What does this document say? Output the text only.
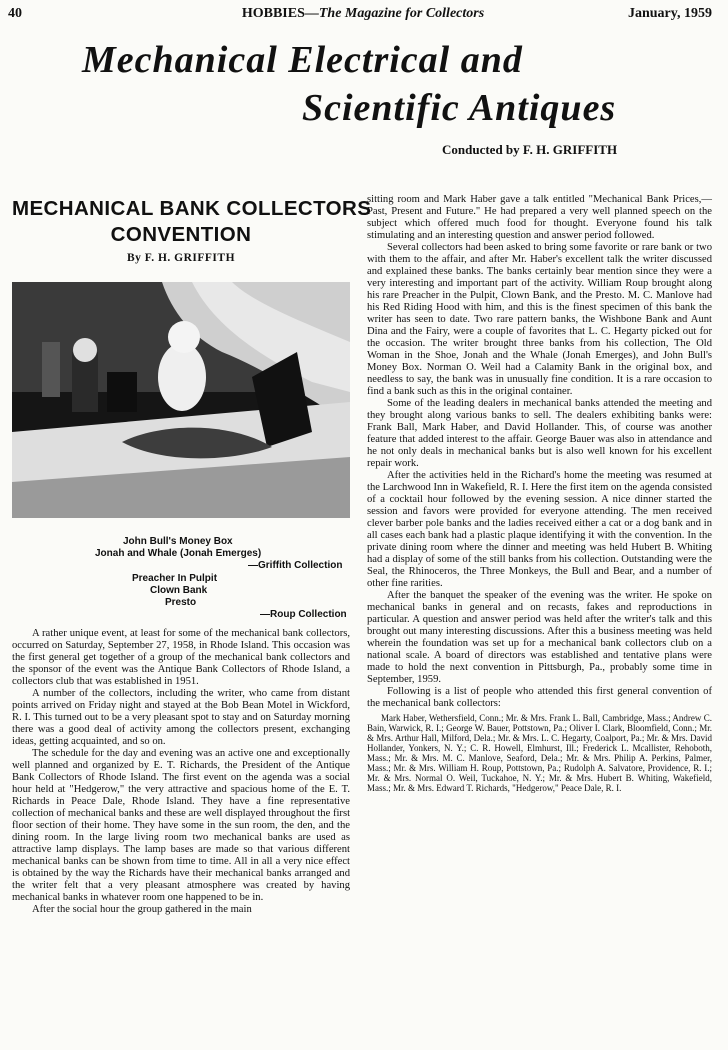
40	HOBBIES—The Magazine for Collectors	January, 1959
Mechanical Electrical and
Scientific Antiques
Conducted by F. H. GRIFFITH
MECHANICAL BANK COLLECTORS
CONVENTION
By F. H. GRIFFITH
John Bull's Money Box
Jonah and Whale (Jonah Emerges)
—Griffith Collection
Preacher In Pulpit
Clown Bank
Presto
—Roup Collection

A rather unique event, at least for some of the mechanical bank collectors, occurred on Saturday, September 27, 1958, in Rhode Island. This occasion was the first general get together of a group of the mechanical bank collectors and the sponsor of the event was the Antique Bank Collectors of Rhode Island, a collectors club that was established in 1951.

A number of the collectors, including the writer, who came from distant points arrived on Friday night and stayed at the Bob Bean Motel in Wickford, R. I. This turned out to be a very pleasant spot to stay and on Saturday morning there was a good deal of activity among the collectors present, exchanging ideas, getting acquainted, and so on.

The schedule for the day and evening was an active one and exceptionally well planned and organized by E. T. Richards, the President of the Antique Bank Collectors of Rhode Island. The first event on the agenda was a social hour held at "Hedgerow," the very attractive and spacious home of the E. T. Richards in Peace Dale, Rhode Island. They have a fine representative collection of mechanical banks and these are well displayed throughout the first floor section of their home. They have some in the sun room, the den, and the dining room. In the large living room two mechanical banks are used as attractive lamp displays. The lamp bases are made so that various different mechanical banks can be shown from time to time. All in all a very nice effect is obtained by the way the Richards have their mechanical banks arranged and the writer felt that a very pleasant atmosphere was created by having mechanical banks in whatever room one happened to be in.

After the social hour the group gathered in the main

sitting room and Mark Haber gave a talk entitled "Mechanical Bank Prices,—Past, Present and Future." He had prepared a very well planned speech on the subject which offered much food for thought. Everyone found his talk stimulating and an interesting question and answer period followed.

Several collectors had been asked to bring some favorite or rare bank or two with them to the affair, and after Mr. Haber's excellent talk the writer discussed and explained these banks. The banks certainly bear mention since they were a very interesting and important part of the activity. William Roup brought along his rare Preacher in the Pulpit, Clown Bank, and the Presto. M. C. Manlove had his Red Riding Hood with him, and this is the finest specimen of this bank the writer has seen to date. Two rare pattern banks, the Wishbone Bank and Aunt Dina and the Fairy, were a couple of favorites that L. C. Hegarty picked out for the occasion. The writer brought three banks from his collection, The Old Woman in the Shoe, Jonah and the Whale (Jonah Emerges), and John Bull's Money Box. Norman O. Weil had a Calamity Bank in the original box, and needless to say, the bank was in unusually fine condition. It is a rare occasion to find a bank such as this in the original container.

Some of the leading dealers in mechanical banks attended the meeting and they brought along various banks to sell. The dealers exhibiting banks were: Frank Ball, Mark Haber, and David Hollander. This, of course was another feature that added interest to the affair. George Bauer was also in attendance and he not only deals in mechanical banks but is also well known for his excellent repair work.

After the activities held in the Richard's home the meeting was resumed at the Larchwood Inn in Wakefield, R. I. Here the first item on the agenda consisted of a cocktail hour followed by the evening session. A nice dinner started the session and favors were provided for everyone attending. The men received clever barber pole banks and the ladies received either a cat or a dog bank and in all cases each bank had a plastic plaque identifying it with the convention. In the private dining room where the dinner and meeting was held Hubert B. Whiting had a display of some of the still banks from his collection. Outstanding were the Seal, the Rhinoceros, the Three Monkeys, the Bull and Bear, and a number of other fine rarities.

After the banquet the speaker of the evening was the writer. He spoke on mechanical banks in general and on recasts, fakes and reproductions in particular. A question and answer period was held after the writer's talk and this brought out many interesting discussions. After this a business meeting was held wherein the foundation was set up for a mechanical bank collectors club on a national scale. A board of directors was established and tentative plans were made to hold the next convention in Pittsburgh, Pa., probably some time in September, 1959.

Following is a list of people who attended this first general convention of the mechanical bank collectors:

Mark Haber, Wethersfield, Conn.; Mr. & Mrs. Frank L. Ball, Cambridge, Mass.; Andrew C. Bain, Warwick, R. I.; George W. Bauer, Pottstown, Pa.; Oliver I. Clark, Bloomfield, Conn.; Mr. & Mrs. Arthur Hall, Milford, Dela.; Mr. & Mrs. L. C. Hegarty, Coalport, Pa.; Mr. & Mrs. David Hollander, Yonkers, N. Y.; C. R. Howell, Elmhurst, Ill.; Frederick L. Mcallister, Rehoboth, Mass.; Mr. & Mrs. M. C. Manlove, Seaford, Dela.; Mr. & Mrs. Philip A. Perkins, Palmer, Mass.; Mr. & Mrs. William H. Roup, Pottstown, Pa.; Rudolph A. Salvatore, Providence, R. I.; Mr. & Mrs. Normal O. Weil, Tuckahoe, N. Y.; Mr. & Mrs. Hubert B. Whiting, Wakefield, Mass.; Mr. & Mrs. Edward T. Richards, "Hedgerow," Peace Dale, R. I.
